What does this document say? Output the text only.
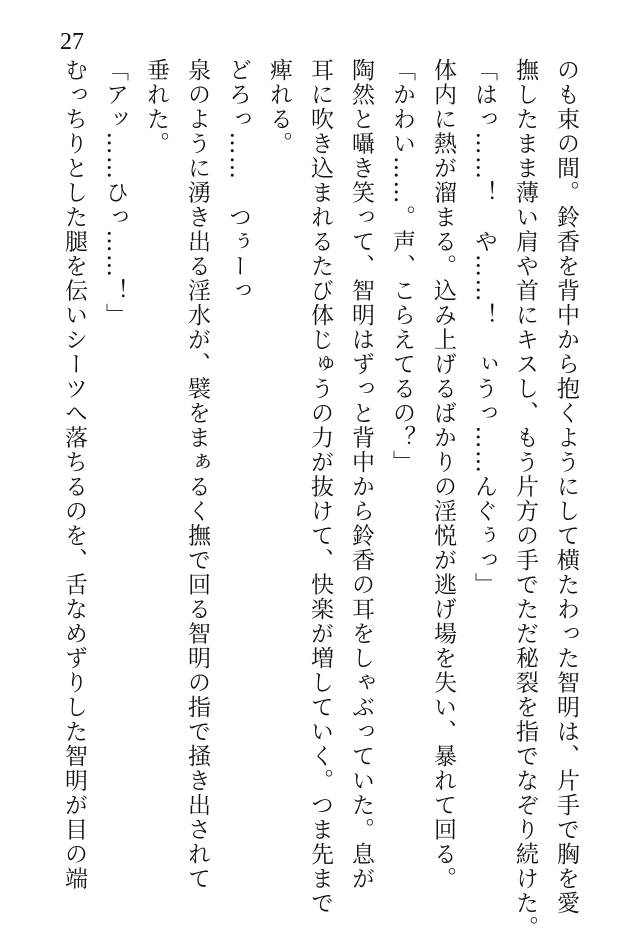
27
のも束の間。鈴香を背中から抱くようにして横たわった智明は、片手で胸を愛
撫したまま薄い肩や首にキスし、もう片方の手でただ秘裂を指でなぞり続けた。
「はっ……！　や……！　ぃうっ……んぐぅっ」
体内に熱が溜まる。込み上げるばかりの淫悦が逃げ場を失い、暴れて回る。
「かわい……。声、こらえてるの？」
陶然と囁き笑って、智明はずっと背中から鈴香の耳をしゃぶっていた。息が
耳に吹き込まれるたび体じゅうの力が抜けて、快楽が増していく。つま先まで
痺れる。
どろっ……　つぅーっ
泉のように湧き出る淫水が、襞をまぁるく撫で回る智明の指で掻き出されて
垂れた。
「アッ……ひっ……！」
むっちりとした腿を伝いシーツへ落ちるのを、舌なめずりした智明が目の端
